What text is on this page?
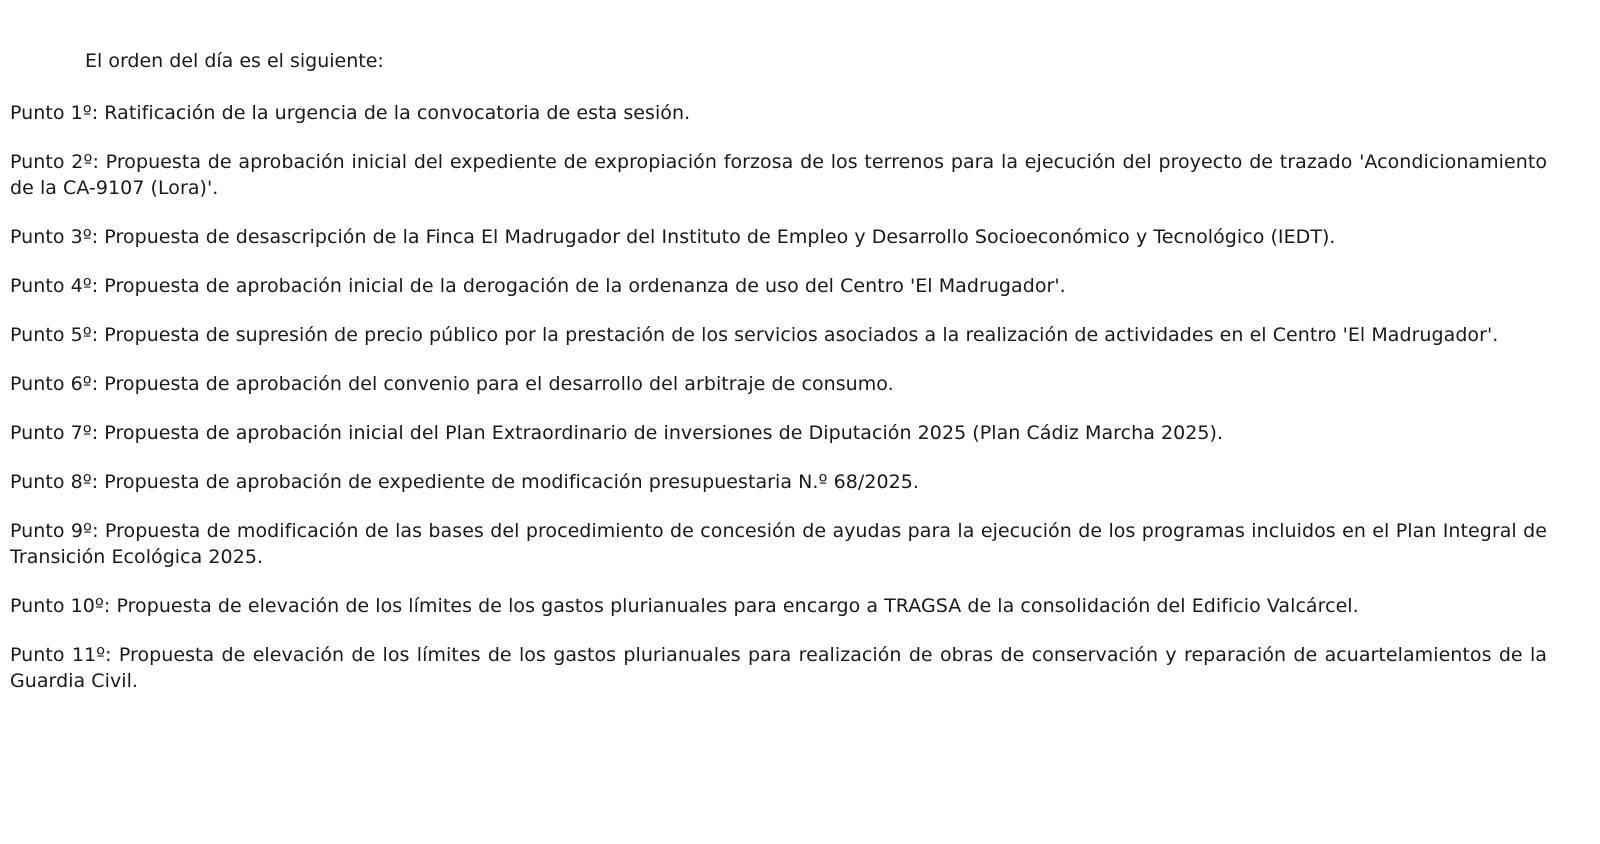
El orden del día es el siguiente:

Punto 1º: Ratificación de la urgencia de la convocatoria de esta sesión.

Punto 2º: Propuesta de aprobación inicial del expediente de expropiación forzosa de los terrenos para la ejecución del proyecto de trazado 'Acondicionamiento de la CA-9107 (Lora)'.

Punto 3º: Propuesta de desascripción de la Finca El Madrugador del Instituto de Empleo y Desarrollo Socioeconómico y Tecnológico (IEDT).

Punto 4º: Propuesta de aprobación inicial de la derogación de la ordenanza de uso del Centro 'El Madrugador'.

Punto 5º: Propuesta de supresión de precio público por la prestación de los servicios asociados a la realización de actividades en el Centro 'El Madrugador'.

Punto 6º: Propuesta de aprobación del convenio para el desarrollo del arbitraje de consumo.

Punto 7º: Propuesta de aprobación inicial del Plan Extraordinario de inversiones de Diputación 2025 (Plan Cádiz Marcha 2025).

Punto 8º: Propuesta de aprobación de expediente de modificación presupuestaria N.º 68/2025.

Punto 9º: Propuesta de modificación de las bases del procedimiento de concesión de ayudas para la ejecución de los programas incluidos en el Plan Integral de Transición Ecológica 2025.

Punto 10º: Propuesta de elevación de los límites de los gastos plurianuales para encargo a TRAGSA de la consolidación del Edificio Valcárcel.

Punto 11º: Propuesta de elevación de los límites de los gastos plurianuales para realización de obras de conservación y reparación de acuartelamientos de la Guardia Civil.
